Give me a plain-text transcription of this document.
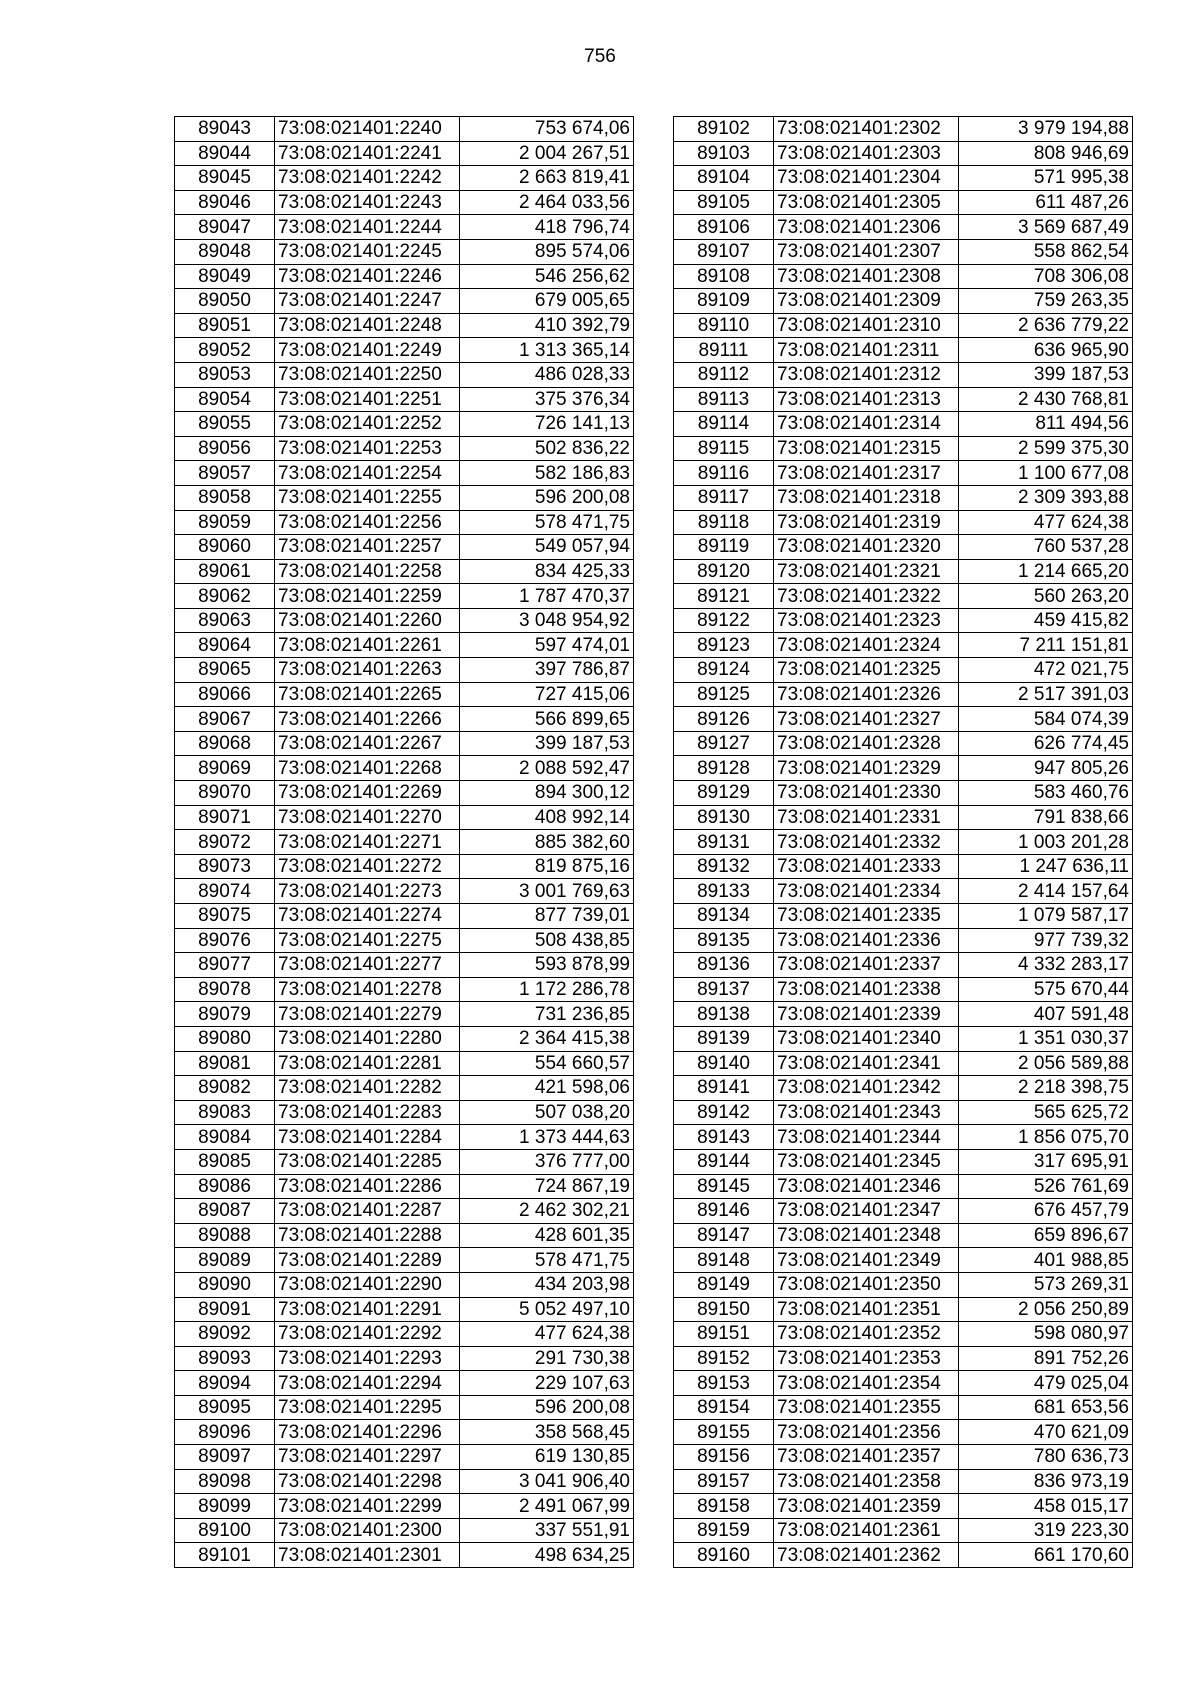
756
89043	73:08:021401:2240	753 674,06
89044	73:08:021401:2241	2 004 267,51
89045	73:08:021401:2242	2 663 819,41
89046	73:08:021401:2243	2 464 033,56
89047	73:08:021401:2244	418 796,74
89048	73:08:021401:2245	895 574,06
89049	73:08:021401:2246	546 256,62
89050	73:08:021401:2247	679 005,65
89051	73:08:021401:2248	410 392,79
89052	73:08:021401:2249	1 313 365,14
89053	73:08:021401:2250	486 028,33
89054	73:08:021401:2251	375 376,34
89055	73:08:021401:2252	726 141,13
89056	73:08:021401:2253	502 836,22
89057	73:08:021401:2254	582 186,83
89058	73:08:021401:2255	596 200,08
89059	73:08:021401:2256	578 471,75
89060	73:08:021401:2257	549 057,94
89061	73:08:021401:2258	834 425,33
89062	73:08:021401:2259	1 787 470,37
89063	73:08:021401:2260	3 048 954,92
89064	73:08:021401:2261	597 474,01
89065	73:08:021401:2263	397 786,87
89066	73:08:021401:2265	727 415,06
89067	73:08:021401:2266	566 899,65
89068	73:08:021401:2267	399 187,53
89069	73:08:021401:2268	2 088 592,47
89070	73:08:021401:2269	894 300,12
89071	73:08:021401:2270	408 992,14
89072	73:08:021401:2271	885 382,60
89073	73:08:021401:2272	819 875,16
89074	73:08:021401:2273	3 001 769,63
89075	73:08:021401:2274	877 739,01
89076	73:08:021401:2275	508 438,85
89077	73:08:021401:2277	593 878,99
89078	73:08:021401:2278	1 172 286,78
89079	73:08:021401:2279	731 236,85
89080	73:08:021401:2280	2 364 415,38
89081	73:08:021401:2281	554 660,57
89082	73:08:021401:2282	421 598,06
89083	73:08:021401:2283	507 038,20
89084	73:08:021401:2284	1 373 444,63
89085	73:08:021401:2285	376 777,00
89086	73:08:021401:2286	724 867,19
89087	73:08:021401:2287	2 462 302,21
89088	73:08:021401:2288	428 601,35
89089	73:08:021401:2289	578 471,75
89090	73:08:021401:2290	434 203,98
89091	73:08:021401:2291	5 052 497,10
89092	73:08:021401:2292	477 624,38
89093	73:08:021401:2293	291 730,38
89094	73:08:021401:2294	229 107,63
89095	73:08:021401:2295	596 200,08
89096	73:08:021401:2296	358 568,45
89097	73:08:021401:2297	619 130,85
89098	73:08:021401:2298	3 041 906,40
89099	73:08:021401:2299	2 491 067,99
89100	73:08:021401:2300	337 551,91
89101	73:08:021401:2301	498 634,25
89102	73:08:021401:2302	3 979 194,88
89103	73:08:021401:2303	808 946,69
89104	73:08:021401:2304	571 995,38
89105	73:08:021401:2305	611 487,26
89106	73:08:021401:2306	3 569 687,49
89107	73:08:021401:2307	558 862,54
89108	73:08:021401:2308	708 306,08
89109	73:08:021401:2309	759 263,35
89110	73:08:021401:2310	2 636 779,22
89111	73:08:021401:2311	636 965,90
89112	73:08:021401:2312	399 187,53
89113	73:08:021401:2313	2 430 768,81
89114	73:08:021401:2314	811 494,56
89115	73:08:021401:2315	2 599 375,30
89116	73:08:021401:2317	1 100 677,08
89117	73:08:021401:2318	2 309 393,88
89118	73:08:021401:2319	477 624,38
89119	73:08:021401:2320	760 537,28
89120	73:08:021401:2321	1 214 665,20
89121	73:08:021401:2322	560 263,20
89122	73:08:021401:2323	459 415,82
89123	73:08:021401:2324	7 211 151,81
89124	73:08:021401:2325	472 021,75
89125	73:08:021401:2326	2 517 391,03
89126	73:08:021401:2327	584 074,39
89127	73:08:021401:2328	626 774,45
89128	73:08:021401:2329	947 805,26
89129	73:08:021401:2330	583 460,76
89130	73:08:021401:2331	791 838,66
89131	73:08:021401:2332	1 003 201,28
89132	73:08:021401:2333	1 247 636,11
89133	73:08:021401:2334	2 414 157,64
89134	73:08:021401:2335	1 079 587,17
89135	73:08:021401:2336	977 739,32
89136	73:08:021401:2337	4 332 283,17
89137	73:08:021401:2338	575 670,44
89138	73:08:021401:2339	407 591,48
89139	73:08:021401:2340	1 351 030,37
89140	73:08:021401:2341	2 056 589,88
89141	73:08:021401:2342	2 218 398,75
89142	73:08:021401:2343	565 625,72
89143	73:08:021401:2344	1 856 075,70
89144	73:08:021401:2345	317 695,91
89145	73:08:021401:2346	526 761,69
89146	73:08:021401:2347	676 457,79
89147	73:08:021401:2348	659 896,67
89148	73:08:021401:2349	401 988,85
89149	73:08:021401:2350	573 269,31
89150	73:08:021401:2351	2 056 250,89
89151	73:08:021401:2352	598 080,97
89152	73:08:021401:2353	891 752,26
89153	73:08:021401:2354	479 025,04
89154	73:08:021401:2355	681 653,56
89155	73:08:021401:2356	470 621,09
89156	73:08:021401:2357	780 636,73
89157	73:08:021401:2358	836 973,19
89158	73:08:021401:2359	458 015,17
89159	73:08:021401:2361	319 223,30
89160	73:08:021401:2362	661 170,60
